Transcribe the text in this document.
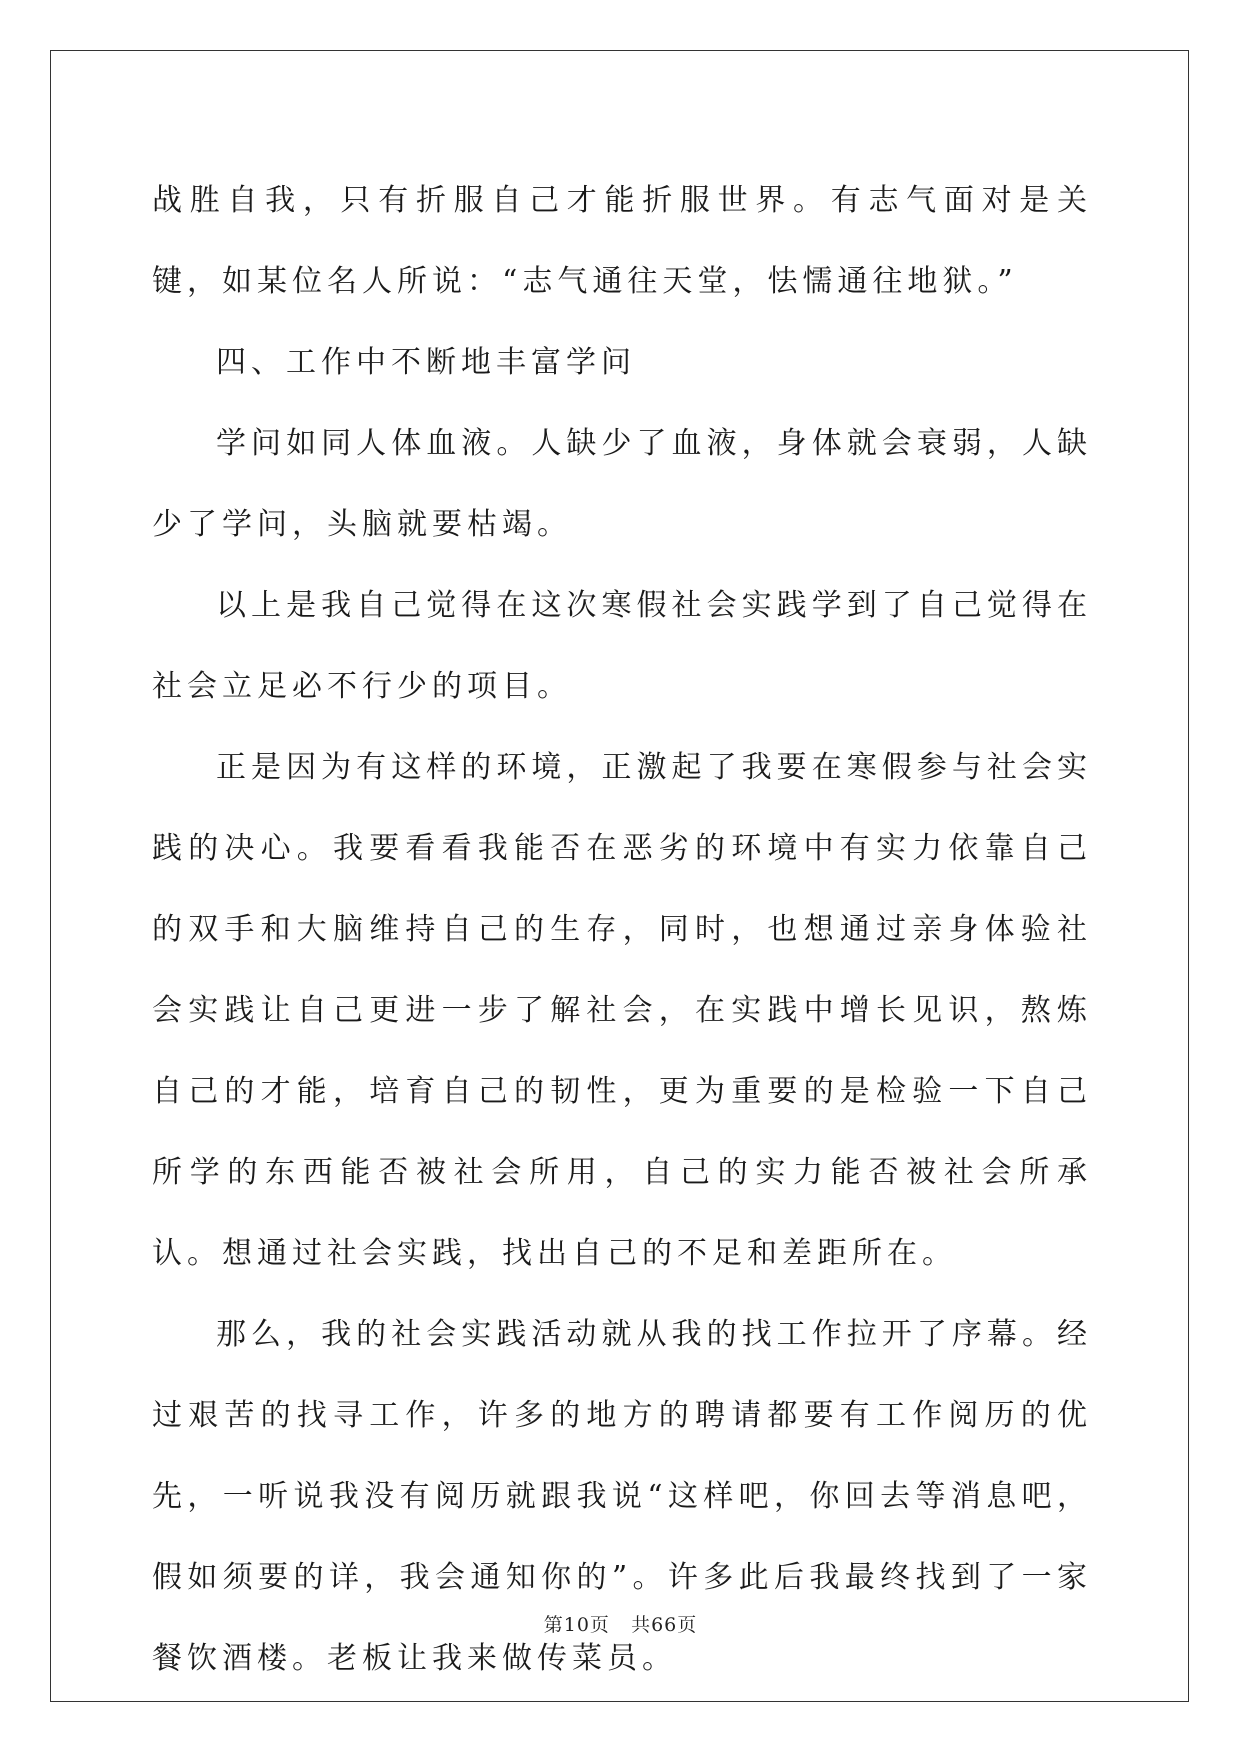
战胜自我，只有折服自己才能折服世界。有志气面对是关键，如某位名人所说：“志气通往天堂，怯懦通往地狱。”

四、工作中不断地丰富学问

学问如同人体血液。人缺少了血液，身体就会衰弱，人缺少了学问，头脑就要枯竭。

以上是我自己觉得在这次寒假社会实践学到了自己觉得在社会立足必不行少的项目。

正是因为有这样的环境，正激起了我要在寒假参与社会实践的决心。我要看看我能否在恶劣的环境中有实力依靠自己的双手和大脑维持自己的生存，同时，也想通过亲身体验社会实践让自己更进一步了解社会，在实践中增长见识，熬炼自己的才能，培育自己的韧性，更为重要的是检验一下自己所学的东西能否被社会所用，自己的实力能否被社会所承认。想通过社会实践，找出自己的不足和差距所在。

那么，我的社会实践活动就从我的找工作拉开了序幕。经过艰苦的找寻工作，许多的地方的聘请都要有工作阅历的优先，一听说我没有阅历就跟我说“这样吧，你回去等消息吧，假如须要的详，我会通知你的”。许多此后我最终找到了一家餐饮酒楼。老板让我来做传菜员。

第10页 共66页
